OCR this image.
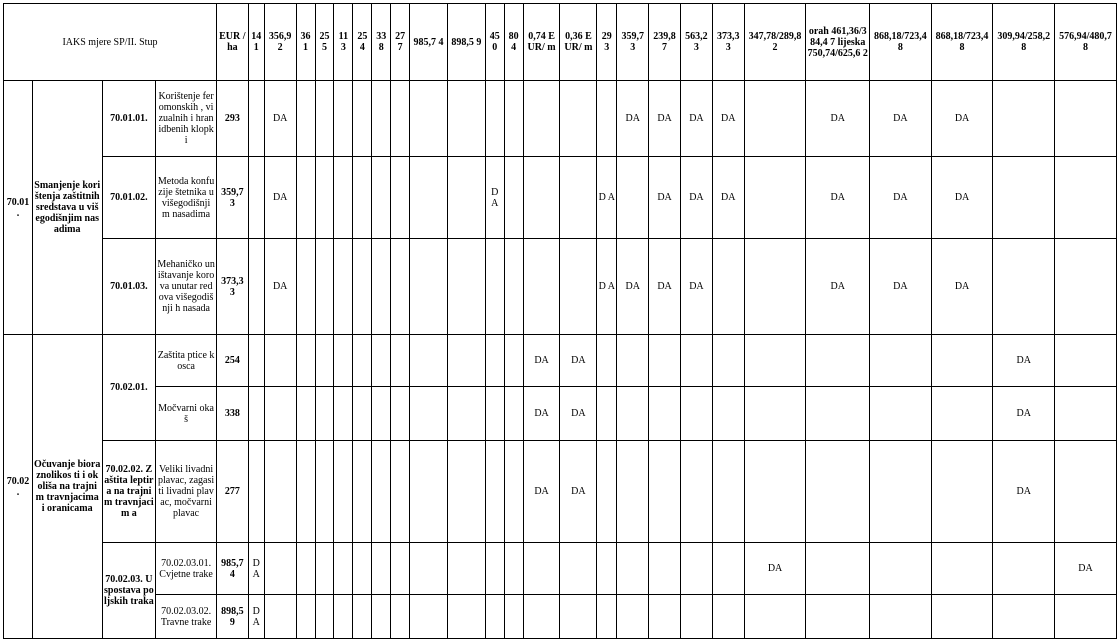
IAKS mjere SP/II. Stup				EUR /ha	14 1	356,9 2	36 1	25 5	11 3	25 4	33 8	27 7	985,7 4	898,5 9	45 0	80 4	0,74 EUR/ m	0,36 EUR/ m	29 3	359,7 3	239,8 7	563,2 3	373,3 3	347,78/289,8 2	orah 461,36/384,4 7 lijeska 750,74/625,6 2	868,18/723,4 8	868,18/723,4 8	309,94/258,2 8	576,94/480,7 8
70.01 .	Smanjenje korištenja zaštitnih sredstava u višegodišnjim nasadima	70.01.01.	Korištenje feromonskih , vizualnih i hranidbenih klopki	293		DA														DA	DA	DA	DA		DA	DA	DA		
		70.01.02.	Metoda konfuzije štetnika u višegodišnji m nasadima	359,7 3		DA									D A				D A		DA	DA	DA		DA	DA	DA		
		70.01.03.	Mehaničko uništavanje korova unutar redova višegodišnji h nasada	373,3 3		DA													D A	DA	DA	DA			DA	DA	DA		
70.02 .	Očuvanje bioraznolikos ti i okoliša na trajnim travnjacima i oranicama	70.02.01.	Zaštita ptice kosca	254													DA	DA										DA	
			Močvarni okaš	338													DA	DA										DA	
		70.02.02. Zaštita leptira na trajnim travnjacim a	Veliki livadni plavac, zagasiti livadni plavac, močvarni plavac	277													DA	DA										DA	
		70.02.03. Uspostava poljskih traka	70.02.03.01. Cvjetne trake	985,7 4	D A																			DA					DA
			70.02.03.02. Travne trake	898,5 9	D A																								
